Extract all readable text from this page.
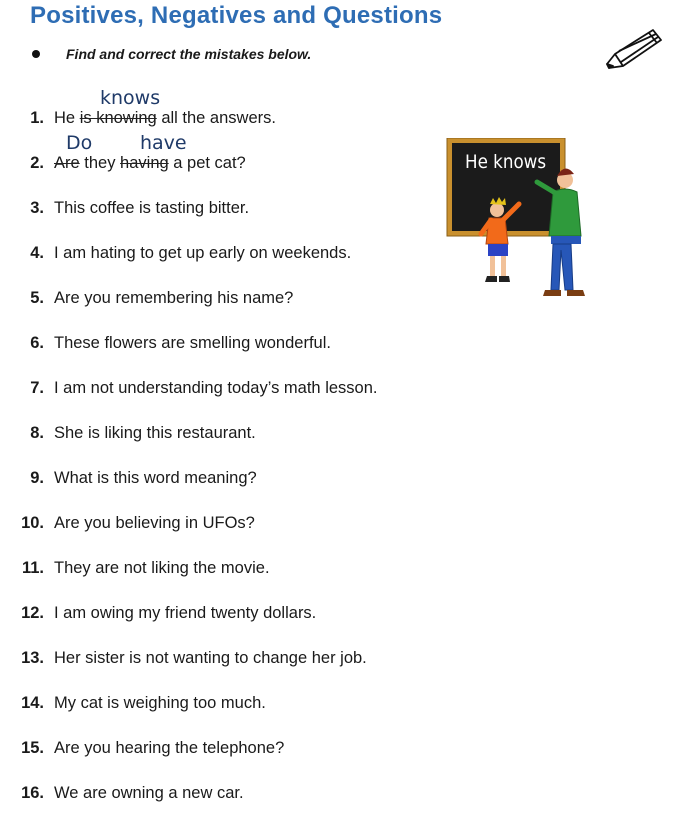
Positives, Negatives and Questions
Find and correct the mistakes below.
knows
1. He is knowing all the answers.
Do	have
2. Are they having a pet cat?
3. This coffee is tasting bitter.
4. I am hating to get up early on weekends.
5. Are you remembering his name?
6. These flowers are smelling wonderful.
7. I am not understanding today’s math lesson.
8. She is liking this restaurant.
9. What is this word meaning?
10. Are you believing in UFOs?
11. They are not liking the movie.
12. I am owing my friend twenty dollars.
13. Her sister is not wanting to change her job.
14. My cat is weighing too much.
15. Are you hearing the telephone?
16. We are owning a new car.
He knows
